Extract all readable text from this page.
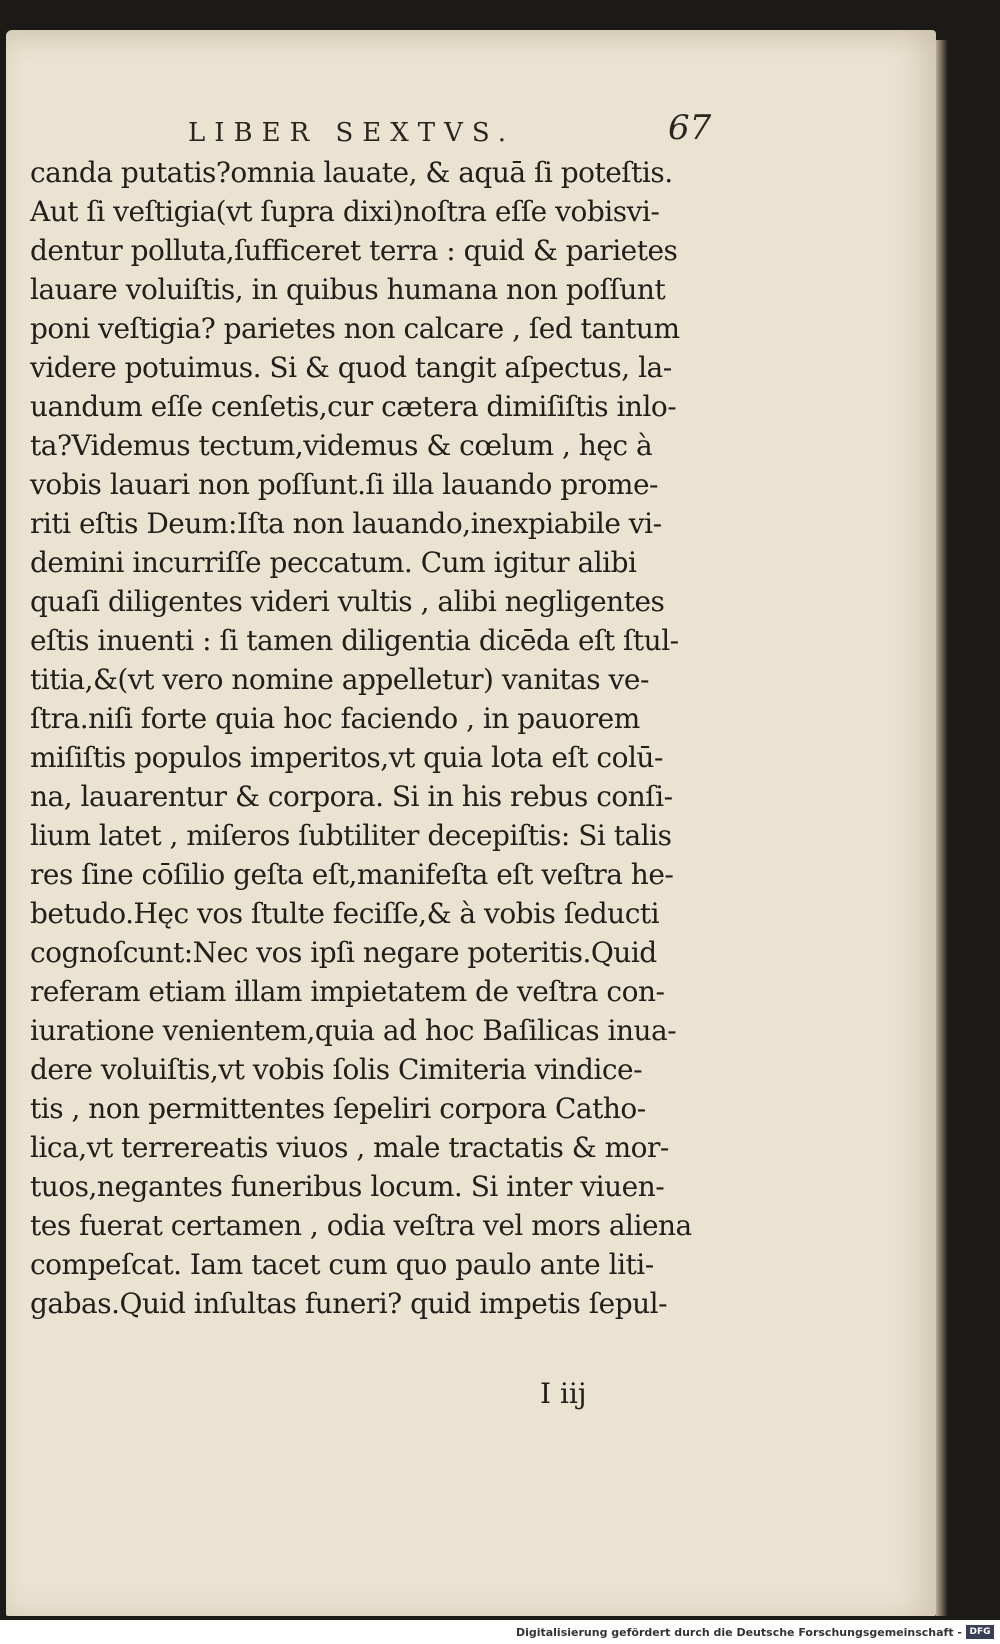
LIBER SEXTVS.	67
canda putatis?omnia lauate, & aquā ſi poteſtis.
Aut ſi veſtigia(vt ſupra dixi)noſtra eſſe vobisvi-
dentur polluta,ſufficeret terra : quid & parietes
lauare voluiſtis, in quibus humana non poſſunt
poni veſtigia? parietes non calcare , ſed tantum
videre potuimus. Si & quod tangit aſpectus, la-
uandum eſſe cenſetis,cur cætera dimiſiſtis inlo-
ta?Videmus tectum,videmus & cœlum , hęc à
vobis lauari non poſſunt.ſi illa lauando prome-
riti eſtis Deum:Iſta non lauando,inexpiabile vi-
demini incurriſſe peccatum. Cum igitur alibi
quaſi diligentes videri vultis , alibi negligentes
eſtis inuenti : ſi tamen diligentia dicēda eſt ſtul-
titia,&(vt vero nomine appelletur) vanitas ve-
ſtra.niſi forte quia hoc faciendo , in pauorem
miſiſtis populos imperitos,vt quia lota eſt colū-
na, lauarentur & corpora. Si in his rebus conſi-
lium latet , miſeros ſubtiliter decepiſtis: Si talis
res ſine cōſilio geſta eſt,manifeſta eſt veſtra he-
betudo.Hęc vos ſtulte feciſſe,& à vobis ſeducti
cognoſcunt:Nec vos ipſi negare poteritis.Quid
referam etiam illam impietatem de veſtra con-
iuratione venientem,quia ad hoc Baſilicas inua-
dere voluiſtis,vt vobis ſolis Cimiteria vindice-
tis , non permittentes ſepeliri corpora Catho-
lica,vt terrereatis viuos , male tractatis & mor-
tuos,negantes funeribus locum. Si inter viuen-
tes fuerat certamen , odia veſtra vel mors aliena
compeſcat. Iam tacet cum quo paulo ante liti-
gabas.Quid inſultas funeri? quid impetis ſepul-
I iij
Digitalisierung gefördert durch die Deutsche Forschungsgemeinschaft - DFG
